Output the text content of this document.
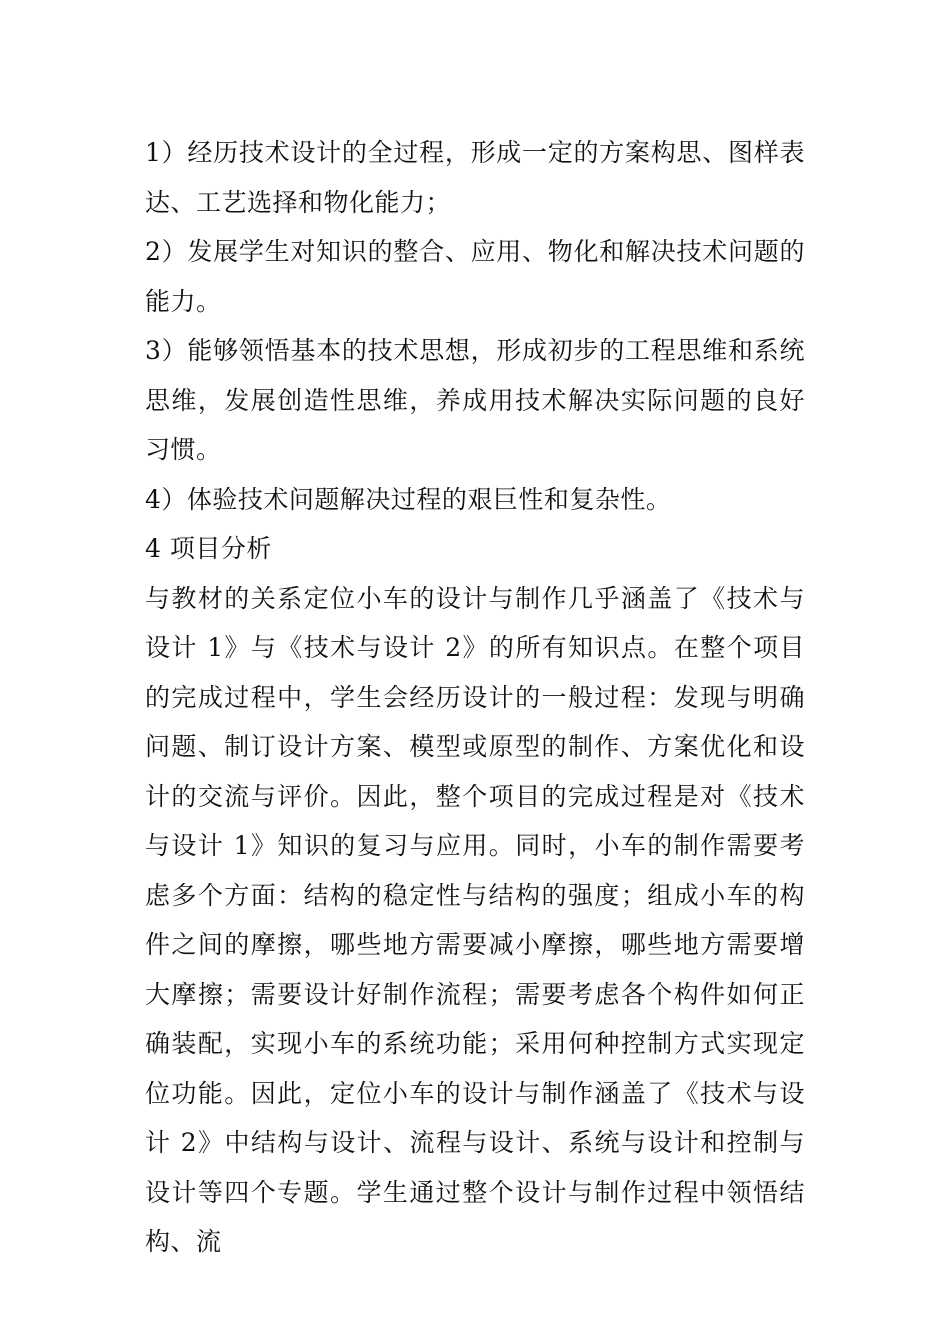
1）经历技术设计的全过程，形成一定的方案构思、图样表达、工艺选择和物化能力；

2）发展学生对知识的整合、应用、物化和解决技术问题的能力。

3）能够领悟基本的技术思想，形成初步的工程思维和系统思维，发展创造性思维，养成用技术解决实际问题的良好习惯。

4）体验技术问题解决过程的艰巨性和复杂性。

4 项目分析

与教材的关系定位小车的设计与制作几乎涵盖了《技术与设计 1》与《技术与设计 2》的所有知识点。在整个项目的完成过程中，学生会经历设计的一般过程：发现与明确问题、制订设计方案、模型或原型的制作、方案优化和设计的交流与评价。因此，整个项目的完成过程是对《技术与设计 1》知识的复习与应用。同时，小车的制作需要考虑多个方面：结构的稳定性与结构的强度；组成小车的构件之间的摩擦，哪些地方需要减小摩擦，哪些地方需要增大摩擦；需要设计好制作流程；需要考虑各个构件如何正确装配，实现小车的系统功能；采用何种控制方式实现定位功能。因此，定位小车的设计与制作涵盖了《技术与设计 2》中结构与设计、流程与设计、系统与设计和控制与设计等四个专题。学生通过整个设计与制作过程中领悟结构、流
